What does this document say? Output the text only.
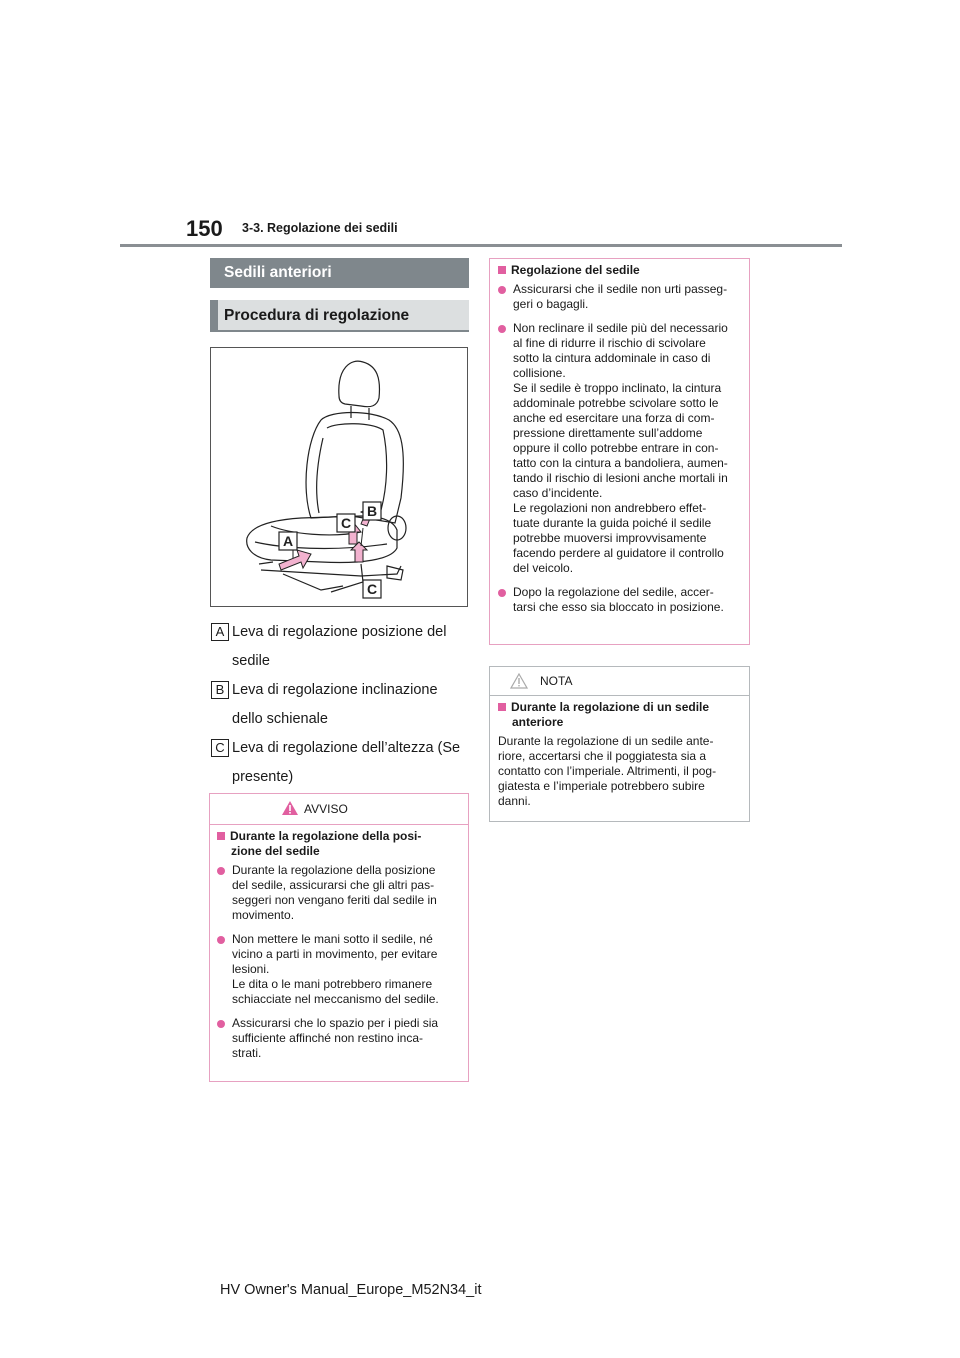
150 3-3. Regolazione dei sedili
Sedili anteriori
Procedura di regolazione
A
B
C
C
A Leva di regolazione posizione del
sedile
B Leva di regolazione inclinazione
dello schienale
C Leva di regolazione dell’altezza (Se
presente)
AVVISO
Durante la regolazione della posi-
zione del sedile
Durante la regolazione della posizione
del sedile, assicurarsi che gli altri pas-
seggeri non vengano feriti dal sedile in
movimento.
Non mettere le mani sotto il sedile, né
vicino a parti in movimento, per evitare
lesioni.
Le dita o le mani potrebbero rimanere
schiacciate nel meccanismo del sedile.
Assicurarsi che lo spazio per i piedi sia
sufficiente affinché non restino inca-
strati.
Regolazione del sedile
Assicurarsi che il sedile non urti passeg-
geri o bagagli.
Non reclinare il sedile più del necessario
al fine di ridurre il rischio di scivolare
sotto la cintura addominale in caso di
collisione.
Se il sedile è troppo inclinato, la cintura
addominale potrebbe scivolare sotto le
anche ed esercitare una forza di com-
pressione direttamente sull’addome
oppure il collo potrebbe entrare in con-
tatto con la cintura a bandoliera, aumen-
tando il rischio di lesioni anche mortali in
caso d’incidente.
Le regolazioni non andrebbero effet-
tuate durante la guida poiché il sedile
potrebbe muoversi improvvisamente
facendo perdere al guidatore il controllo
del veicolo.
Dopo la regolazione del sedile, accer-
tarsi che esso sia bloccato in posizione.
NOTA
Durante la regolazione di un sedile
anteriore
Durante la regolazione di un sedile ante-
riore, accertarsi che il poggiatesta sia a
contatto con l’imperiale. Altrimenti, il pog-
giatesta e l’imperiale potrebbero subire
danni.
HV Owner's Manual_Europe_M52N34_it
